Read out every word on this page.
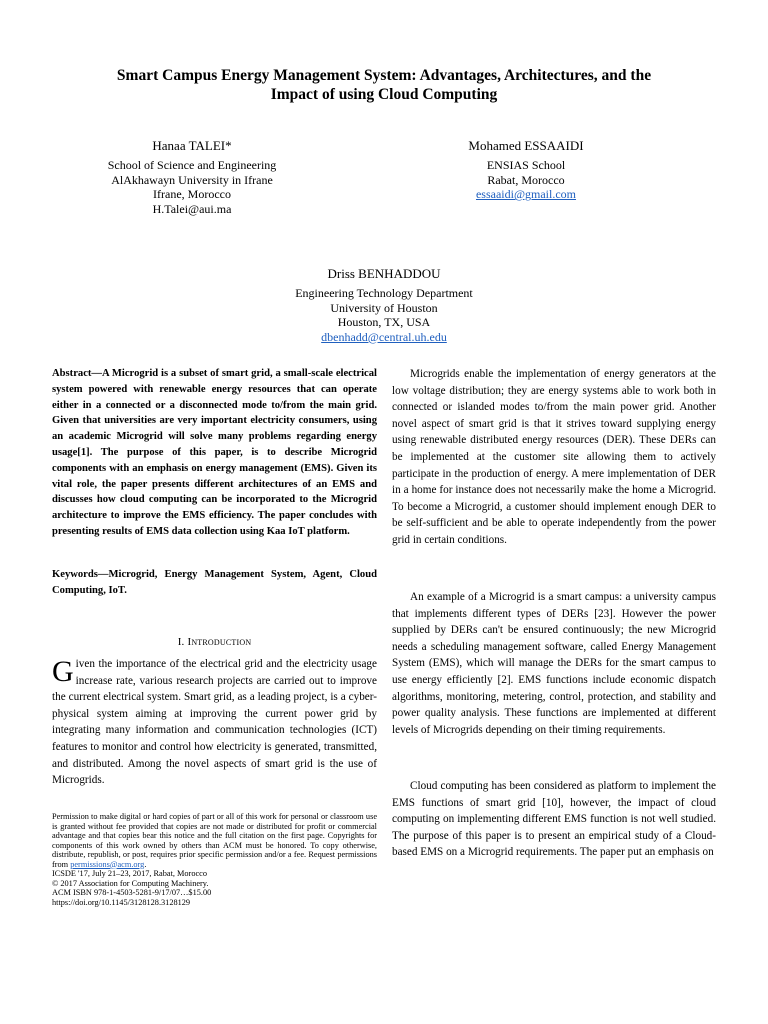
Smart Campus Energy Management System: Advantages, Architectures, and the
Impact of using Cloud Computing
Hanaa TALEI*
School of Science and Engineering
AlAkhawayn University in Ifrane
Ifrane, Morocco
H.Talei@aui.ma
Mohamed ESSAAIDI
ENSIAS School
Rabat, Morocco
essaaidi@gmail.com
Driss BENHADDOU
Engineering Technology Department
University of Houston
Houston, TX, USA
dbenhadd@central.uh.edu

Abstract—A Microgrid is a subset of smart grid, a small-scale electrical system powered with renewable energy resources that can operate either in a connected or a disconnected mode to/from the main grid. Given that universities are very important electricity consumers, using an academic Microgrid will solve many problems regarding energy usage[1]. The purpose of this paper, is to describe Microgrid components with an emphasis on energy management (EMS). Given its vital role, the paper presents different architectures of an EMS and discusses how cloud computing can be incorporated to the Microgrid architecture to improve the EMS efficiency. The paper concludes with presenting results of EMS data collection using Kaa IoT platform.

Keywords—Microgrid, Energy Management System, Agent, Cloud Computing, IoT.

I. Introduction

Given the importance of the electrical grid and the electricity usage increase rate, various research projects are carried out to improve the current electrical system. Smart grid, as a leading project, is a cyber-physical system aiming at improving the current power grid by integrating many information and communication technologies (ICT) features to monitor and control how electricity is generated, transmitted, and distributed. Among the novel aspects of smart grid is the use of Microgrids.

Permission to make digital or hard copies of part or all of this work for personal or classroom use is granted without fee provided that copies are not made or distributed for profit or commercial advantage and that copies bear this notice and the full citation on the first page. Copyrights for components of this work owned by others than ACM must be honored. To copy otherwise, distribute, republish, or post, requires prior specific permission and/or a fee. Request permissions from permissions@acm.org.

ICSDE '17, July 21–23, 2017, Rabat, Morocco
© 2017 Association for Computing Machinery.
ACM ISBN 978-1-4503-5281-9/17/07…$15.00
https://doi.org/10.1145/3128128.3128129

Microgrids enable the implementation of energy generators at the low voltage distribution; they are energy systems able to work both in connected or islanded modes to/from the main power grid. Another novel aspect of smart grid is that it strives toward supplying energy using renewable distributed energy resources (DER). These DERs can be implemented at the customer site allowing them to actively participate in the production of energy. A mere implementation of DER in a home for instance does not necessarily make the home a Microgrid. To become a Microgrid, a customer should implement enough DER to be self-sufficient and be able to operate independently from the power grid in certain conditions.

An example of a Microgrid is a smart campus: a university campus that implements different types of DERs [23]. However the power supplied by DERs can't be ensured continuously; the new Microgrid needs a scheduling management software, called Energy Management System (EMS), which will manage the DERs for the smart campus to use energy efficiently [2]. EMS functions include economic dispatch algorithms, monitoring, metering, control, protection, and stability and power quality analysis. These functions are implemented at different levels of Microgrids depending on their timing requirements.

Cloud computing has been considered as platform to implement the EMS functions of smart grid [10], however, the impact of cloud computing on implementing different EMS function is not well studied. The purpose of this paper is to present an empirical study of a Cloud-based EMS on a Microgrid requirements. The paper put an emphasis on
